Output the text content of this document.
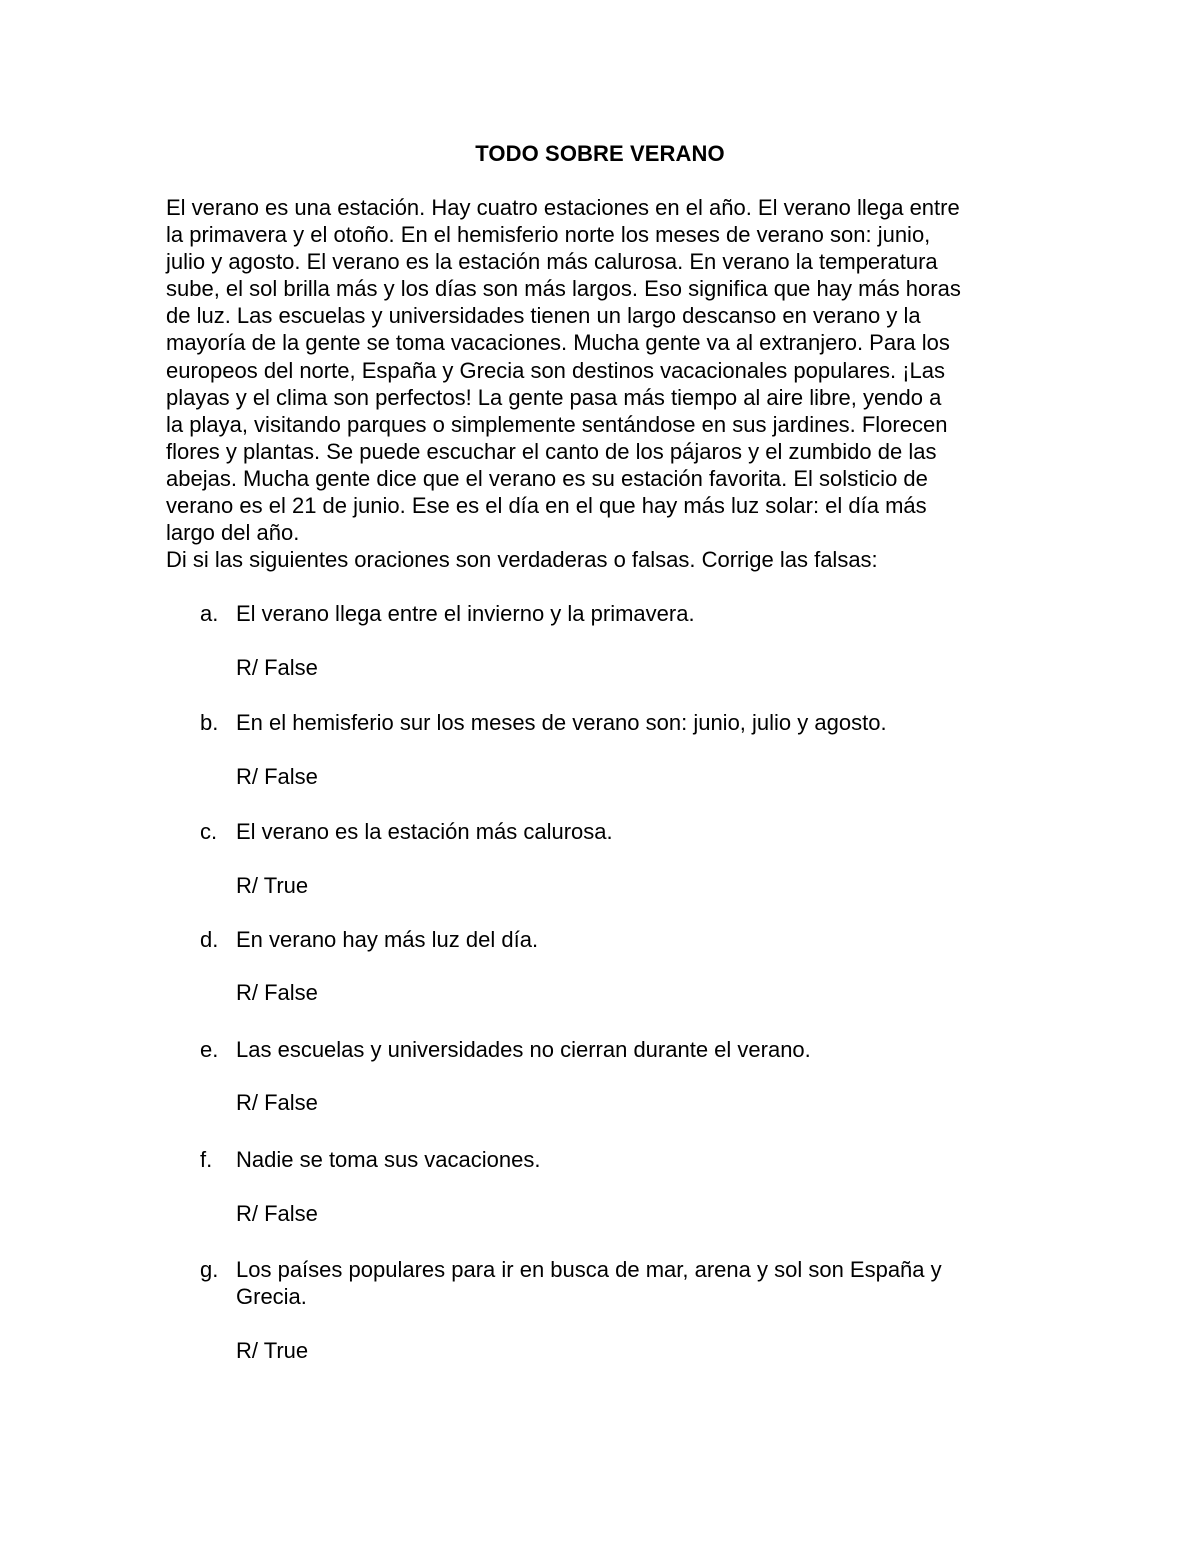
TODO SOBRE VERANO
El verano es una estación. Hay cuatro estaciones en el año. El verano llega entre
la primavera y el otoño. En el hemisferio norte los meses de verano son: junio,
julio y agosto. El verano es la estación más calurosa. En verano la temperatura
sube, el sol brilla más y los días son más largos. Eso significa que hay más horas
de luz. Las escuelas y universidades tienen un largo descanso en verano y la
mayoría de la gente se toma vacaciones. Mucha gente va al extranjero. Para los
europeos del norte, España y Grecia son destinos vacacionales populares. ¡Las
playas y el clima son perfectos! La gente pasa más tiempo al aire libre, yendo a
la playa, visitando parques o simplemente sentándose en sus jardines. Florecen
flores y plantas. Se puede escuchar el canto de los pájaros y el zumbido de las
abejas. Mucha gente dice que el verano es su estación favorita. El solsticio de
verano es el 21 de junio. Ese es el día en el que hay más luz solar: el día más
largo del año.
Di si las siguientes oraciones son verdaderas o falsas. Corrige las falsas:
a. El verano llega entre el invierno y la primavera.
R/ False
b. En el hemisferio sur los meses de verano son: junio, julio y agosto.
R/ False
c. El verano es la estación más calurosa.
R/ True
d. En verano hay más luz del día.
R/ False
e. Las escuelas y universidades no cierran durante el verano.
R/ False
f.	Nadie se toma sus vacaciones.
R/ False
g. Los países populares para ir en busca de mar, arena y sol son España y
Grecia.
R/ True
